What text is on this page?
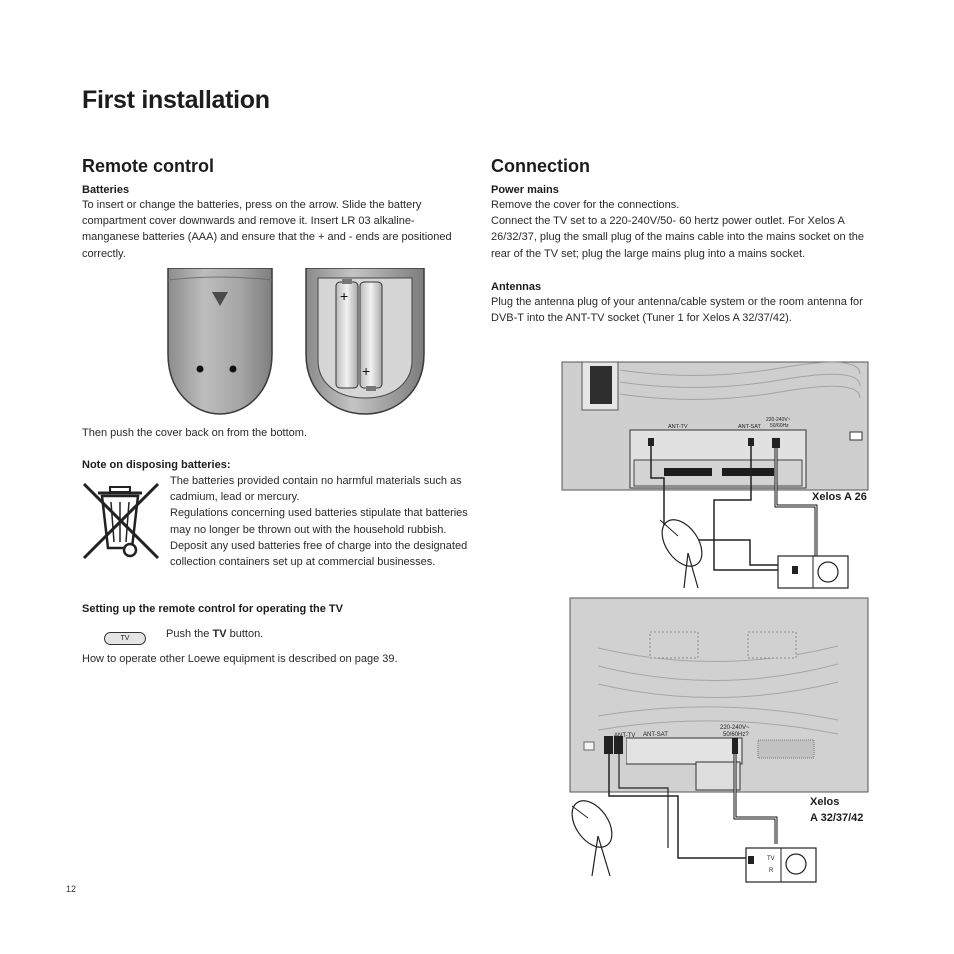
First installation
Remote control

Batteries

To insert or change the batteries, press on the arrow. Slide the battery compartment cover downwards and remove it. Insert LR 03 alkaline-manganese batteries (AAA) and ensure that the + and - ends are positioned correctly.

+
+

Then push the cover back on from the bottom.

Note on disposing batteries:

The batteries provided contain no harmful materials such as cadmium, lead or mercury.

Regulations concerning used batteries stipulate that batteries may no longer be thrown out with the household rubbish. Deposit any used batteries free of charge into the designated collection containers set up at commercial businesses.

Setting up the remote control for operating the TV

TV	Push the TV button.

How to operate other Loewe equipment is described on page 39.

Connection

Power mains

Remove the cover for the connections.

Connect the TV set to a 220-240V/50- 60 hertz power outlet. For Xelos A 26/32/37, plug the small plug of the mains cable into the mains socket on the rear of the TV set; plug the large mains plug into a mains socket.

Antennas

Plug the antenna plug of your antenna/cable system or the room antenna for DVB-T into the ANT-TV socket (Tuner 1 for Xelos A 32/37/42).

ANT-TV	ANT-SAT
220-240V~
50/60Hz
Xelos A 26
ANT-TV ANT-SAT
220-240V~
50/60Hz?
TV
R
Xelos
A 32/37/42
12
